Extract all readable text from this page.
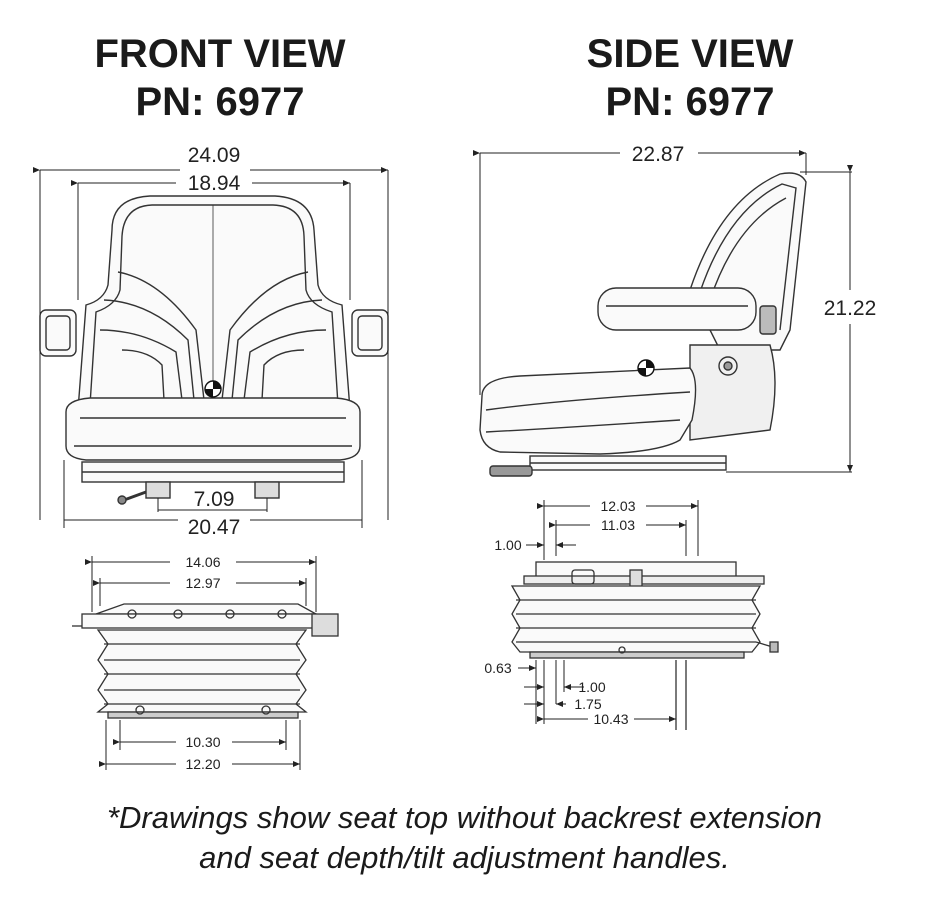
FRONT VIEW
PN: 6977
SIDE VIEW
PN: 6977
24.09
18.94
7.09
20.47
22.87
21.22
14.06
12.97
10.30
12.20
12.03
11.03
1.00
0.63
1.00
1.75
10.43
*Drawings show seat top without backrest extension
and seat depth/tilt adjustment handles.
